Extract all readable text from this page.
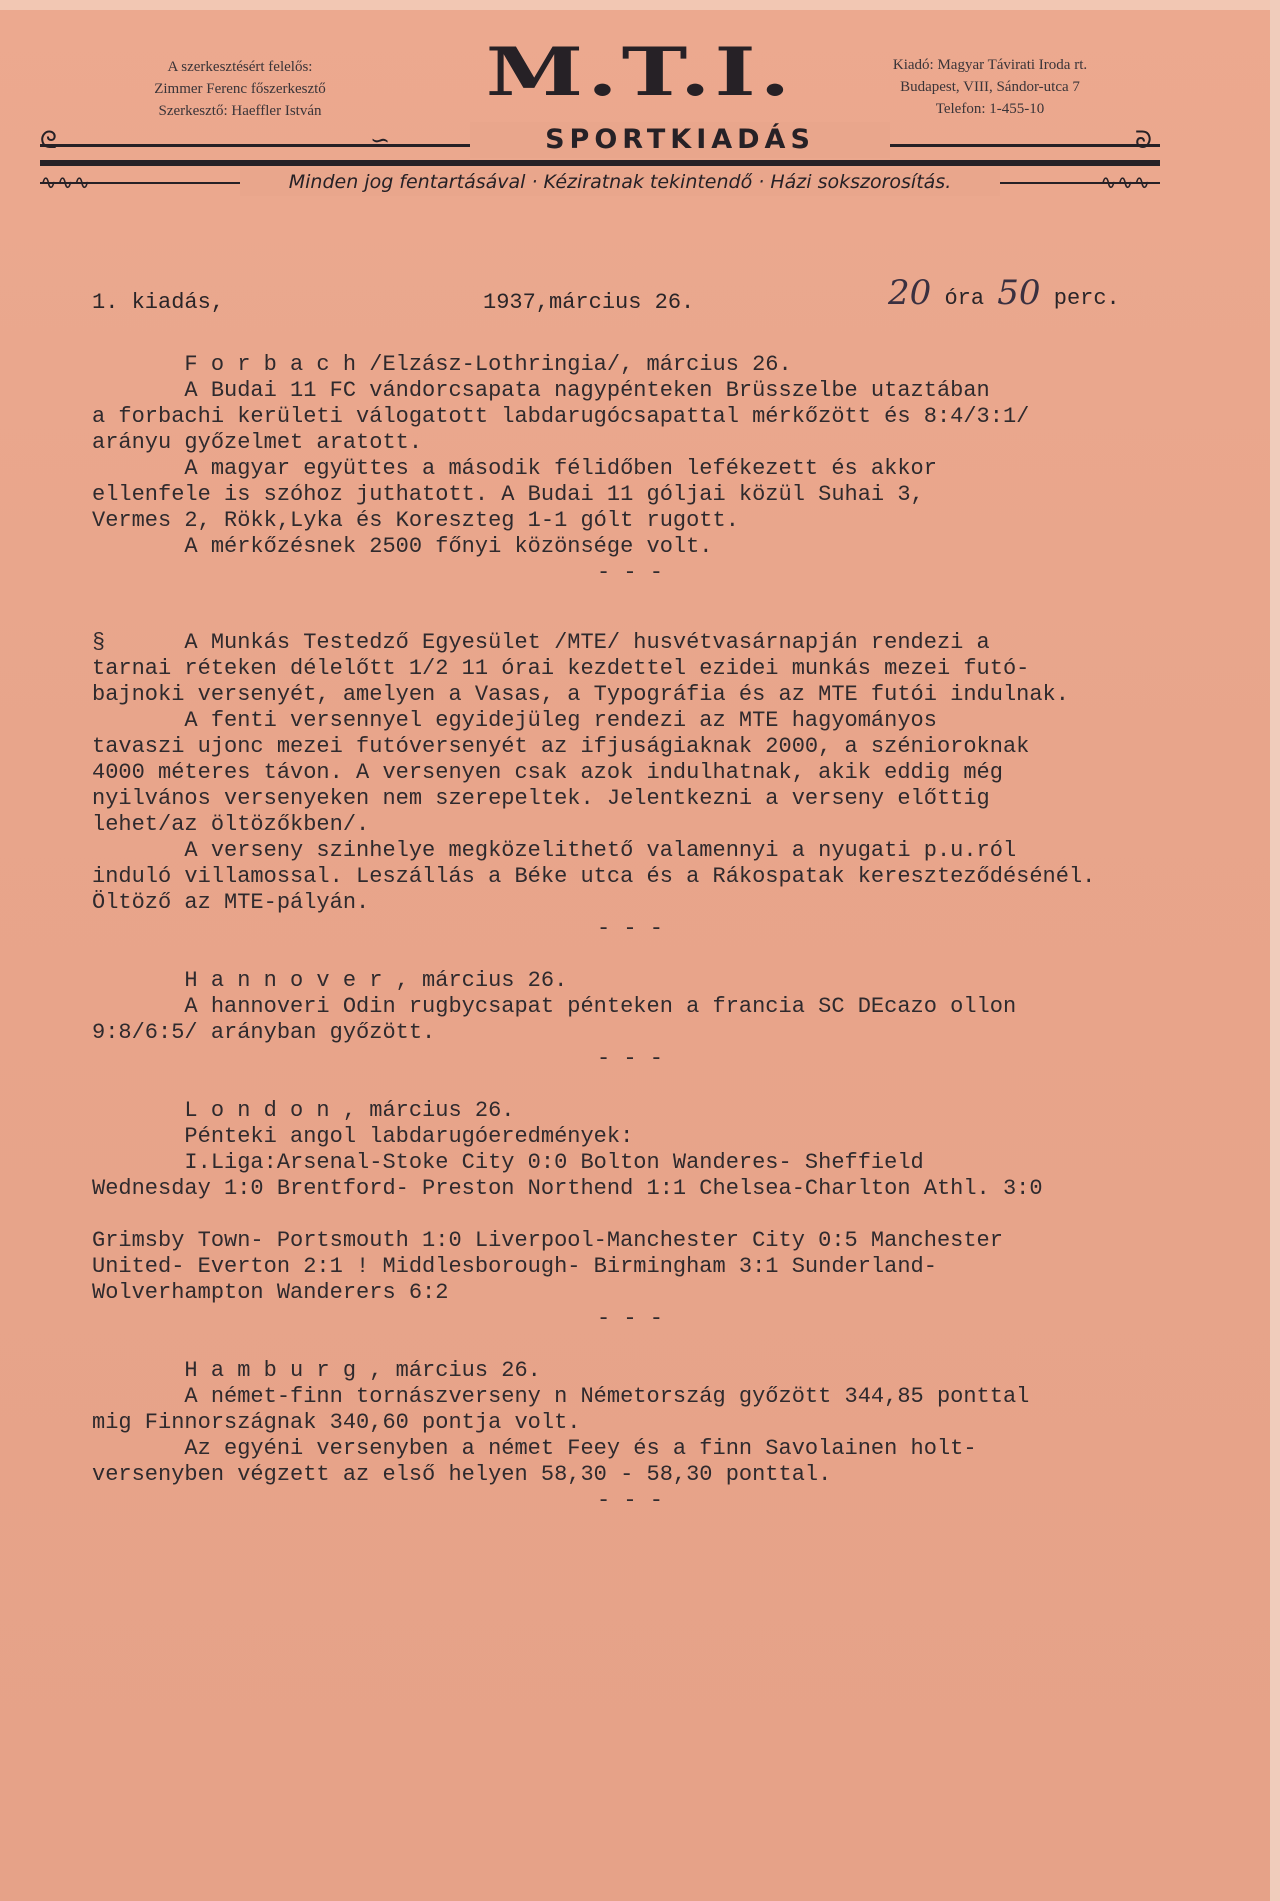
A szerkesztésért felelős:
Zimmer Ferenc főszerkesztő
Szerkesztő: Haeffler István
M.T.I.	Kiadó: Magyar Távirati Iroda rt.
Budapest, VIII, Sándor-utca 7
Telefon: 1-455-10
ᘓ	∽	ᘐ
SPORTKIADÁS
∿∿∿	∿∿∿
Minden jog fentartásával · Kéziratnak tekintendő · Házi sokszorosítás.
1. kiadás,	1937,március 26.	20 óra 50 perc.
F o r b a c h /Elzász-Lothringia/, március 26.
A Budai 11 FC vándorcsapata nagypénteken Brüsszelbe utaztában
a forbachi kerületi válogatott labdarugócsapattal mérkőzött és 8:4/3:1/
arányu győzelmet aratott.
A magyar együttes a második félidőben lefékezett és akkor
ellenfele is szóhoz juthatott. A Budai 11 góljai közül Suhai 3,
Vermes 2, Rökk,Lyka és Koreszteg 1-1 gólt rugott.
A mérkőzésnek 2500 főnyi közönsége volt.
- - -
§      A Munkás Testedző Egyesület /MTE/ husvétvasárnapján rendezi a
tarnai réteken délelőtt 1/2 11 órai kezdettel ezidei munkás mezei futó-
bajnoki versenyét, amelyen a Vasas, a Typográfia és az MTE futói indulnak.
A fenti versennyel egyidejüleg rendezi az MTE hagyományos
tavaszi ujonc mezei futóversenyét az ifjuságiaknak 2000, a szénioroknak
4000 méteres távon. A versenyen csak azok indulhatnak, akik eddig még
nyilvános versenyeken nem szerepeltek. Jelentkezni a verseny előttig
lehet/az öltözőkben/.
A verseny szinhelye megközelithető valamennyi a nyugati p.u.ról
induló villamossal. Leszállás a Béke utca és a Rákospatak kereszteződésénél.
Öltöző az MTE-pályán.
- - -
H a n n o v e r , március 26.
A hannoveri Odin rugbycsapat pénteken a francia SC DEcazo ollon
9:8/6:5/ arányban győzött.
- - -
L o n d o n , március 26.
Pénteki angol labdarugóeredmények:
I.Liga:Arsenal-Stoke City 0:0 Bolton Wanderes- Sheffield
Wednesday 1:0 Brentford- Preston Northend 1:1 Chelsea-Charlton Athl. 3:0

Grimsby Town- Portsmouth 1:0 Liverpool-Manchester City 0:5 Manchester
United- Everton 2:1 ! Middlesborough- Birmingham 3:1 Sunderland-
Wolverhampton Wanderers 6:2
- - -
H a m b u r g , március 26.
A német-finn tornászverseny n Németország győzött 344,85 ponttal
mig Finnországnak 340,60 pontja volt.
Az egyéni versenyben a német Feey és a finn Savolainen holt-
versenyben végzett az első helyen 58,30 - 58,30 ponttal.
- - -
